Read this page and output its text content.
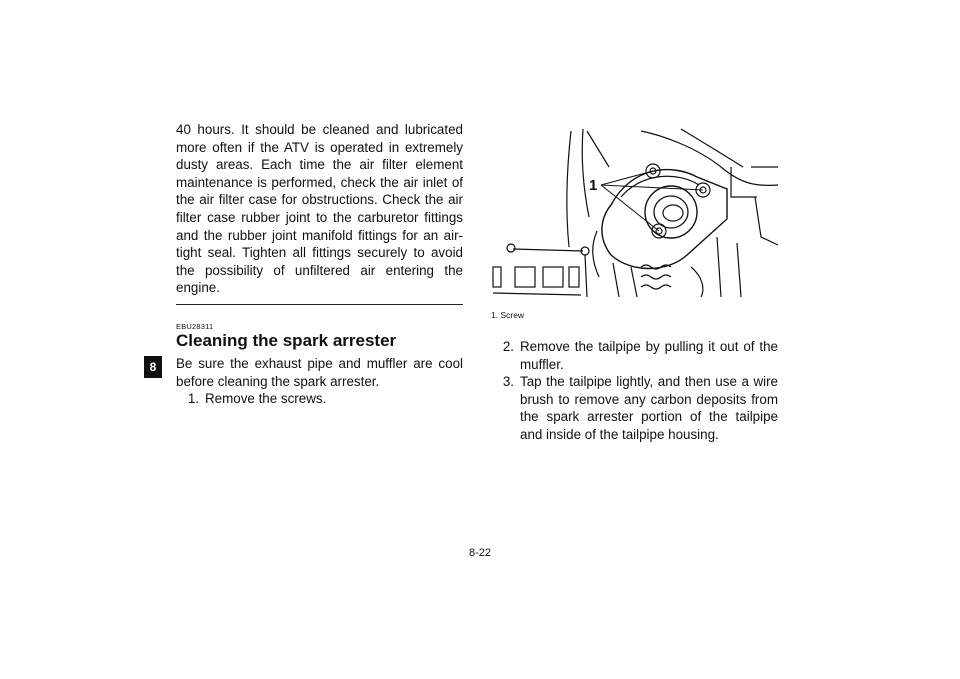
8

40 hours. It should be cleaned and lubricated more often if the ATV is operated in extremely dusty areas. Each time the air filter element maintenance is performed, check the air inlet of the air filter case for obstructions. Check the air filter case rubber joint to the carburetor fittings and the rubber joint manifold fittings for an air-tight seal. Tighten all fittings securely to avoid the possibility of unfiltered air entering the engine.

EBU28311

Cleaning the spark arrester

Be sure the exhaust pipe and muffler are cool before cleaning the spark arrester.

1. Remove the screws.
1
1. Screw
2. Remove the tailpipe by pulling it out of the muffler.
3. Tap the tailpipe lightly, and then use a wire brush to remove any carbon deposits from the spark arrester portion of the tailpipe and inside of the tailpipe housing.
8-22
